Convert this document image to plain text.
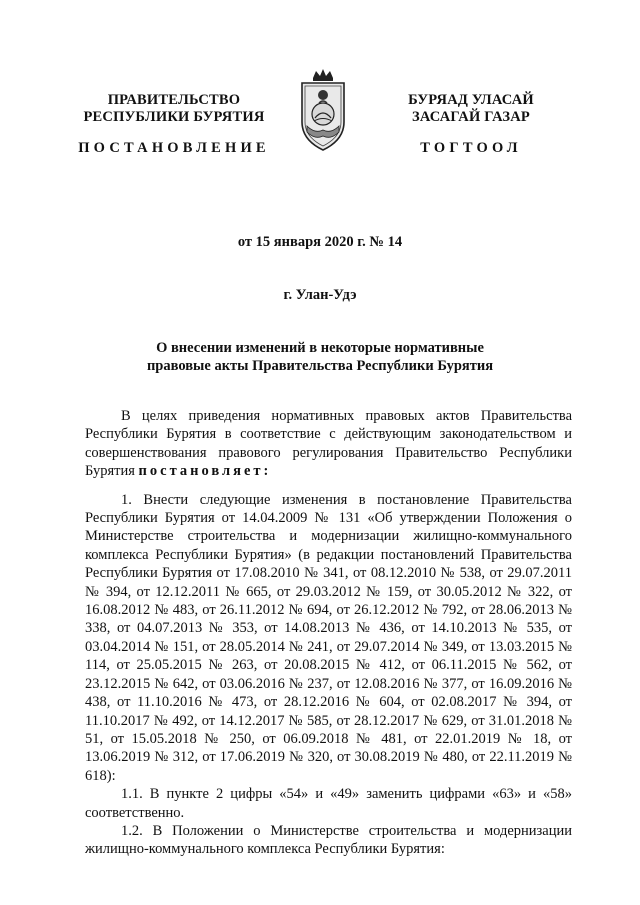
ПРАВИТЕЛЬСТВО
РЕСПУБЛИКИ БУРЯТИЯ
БУРЯАД УЛАСАЙ
ЗАСАГАЙ ГАЗАР
ПОСТАНОВЛЕНИЕ	ТОГТООЛ
от 15 января 2020 г. № 14
г. Улан-Удэ
О внесении изменений в некоторые нормативные
правовые акты Правительства Республики Бурятия

В целях приведения нормативных правовых актов Правительства Республики Бурятия в соответствие с действующим законодательством и совершенствования правового регулирования Правительство Республики Бурятия постановляет:

1. Внести следующие изменения в постановление Правительства Республики Бурятия от 14.04.2009 № 131 «Об утверждении Положения о Министерстве строительства и модернизации жилищно-коммунального комплекса Республики Бурятия» (в редакции постановлений Правительства Республики Бурятия от 17.08.2010 № 341, от 08.12.2010 № 538, от 29.07.2011 № 394, от 12.12.2011 № 665, от 29.03.2012 № 159, от 30.05.2012 № 322, от 16.08.2012 № 483, от 26.11.2012 № 694, от 26.12.2012 № 792, от 28.06.2013 № 338, от 04.07.2013 № 353, от 14.08.2013 № 436, от 14.10.2013 № 535, от 03.04.2014 № 151, от 28.05.2014 № 241, от 29.07.2014 № 349, от 13.03.2015 № 114, от 25.05.2015 № 263, от 20.08.2015 № 412, от 06.11.2015 № 562, от 23.12.2015 № 642, от 03.06.2016 № 237, от 12.08.2016 № 377, от 16.09.2016 № 438, от 11.10.2016 № 473, от 28.12.2016 № 604, от 02.08.2017 № 394, от 11.10.2017 № 492, от 14.12.2017 № 585, от 28.12.2017 № 629, от 31.01.2018 № 51, от 15.05.2018 № 250, от 06.09.2018 № 481, от 22.01.2019 № 18, от 13.06.2019 № 312, от 17.06.2019 № 320, от 30.08.2019 № 480, от 22.11.2019 № 618):

1.1. В пункте 2 цифры «54» и «49» заменить цифрами «63» и «58» соответственно.

1.2. В Положении о Министерстве строительства и модернизации жилищно-коммунального комплекса Республики Бурятия:
